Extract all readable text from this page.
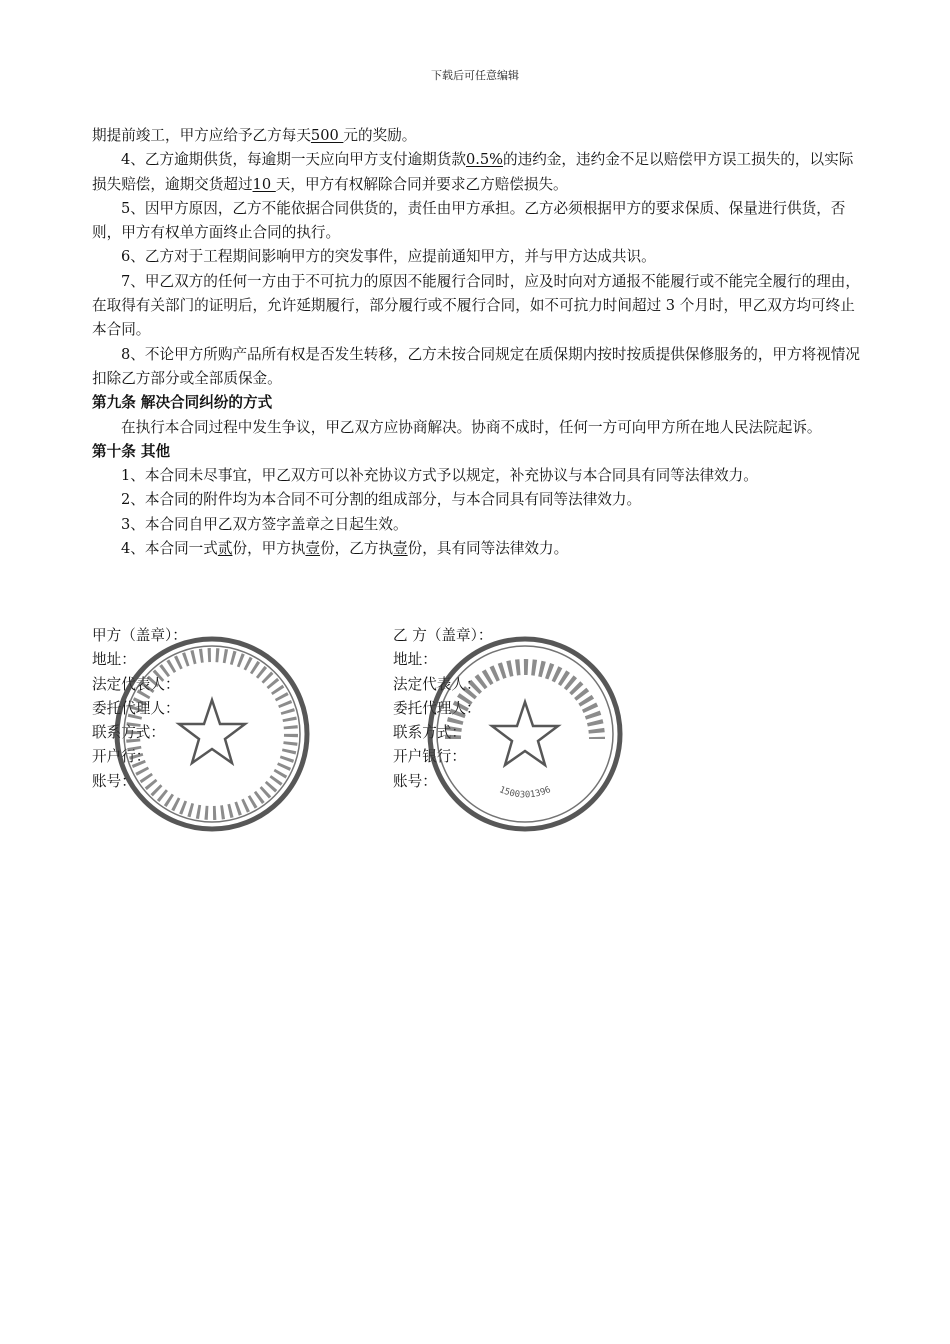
下载后可任意编辑

期提前竣工，甲方应给予乙方每天500 元的奖励。

4、乙方逾期供货，每逾期一天应向甲方支付逾期货款0.5%的违约金，违约金不足以赔偿甲方误工损失的，以实际损失赔偿，逾期交货超过10 天，甲方有权解除合同并要求乙方赔偿损失。

5、因甲方原因，乙方不能依据合同供货的，责任由甲方承担。乙方必须根据甲方的要求保质、保量进行供货，否则，甲方有权单方面终止合同的执行。

6、乙方对于工程期间影响甲方的突发事件，应提前通知甲方，并与甲方达成共识。

7、甲乙双方的任何一方由于不可抗力的原因不能履行合同时，应及时向对方通报不能履行或不能完全履行的理由，在取得有关部门的证明后，允许延期履行，部分履行或不履行合同，如不可抗力时间超过 3 个月时，甲乙双方均可终止本合同。

8、不论甲方所购产品所有权是否发生转移，乙方未按合同规定在质保期内按时按质提供保修服务的，甲方将视情况扣除乙方部分或全部质保金。

第九条 解决合同纠纷的方式

在执行本合同过程中发生争议，甲乙双方应协商解决。协商不成时，任何一方可向甲方所在地人民法院起诉。

第十条 其他

1、本合同未尽事宜，甲乙双方可以补充协议方式予以规定，补充协议与本合同具有同等法律效力。

2、本合同的附件均为本合同不可分割的组成部分，与本合同具有同等法律效力。

3、本合同自甲乙双方签字盖章之日起生效。

4、本合同一式贰份，甲方执壹份，乙方执壹份，具有同等法律效力。

甲方（盖章）：

地址：

法定代表人：

委托代理人：

联系方式：

开户行：

账号：

乙 方（盖章）：

地址：

法定代表人：

委托代理人：

联系方式：

开户银行：

账号：

1500301396
